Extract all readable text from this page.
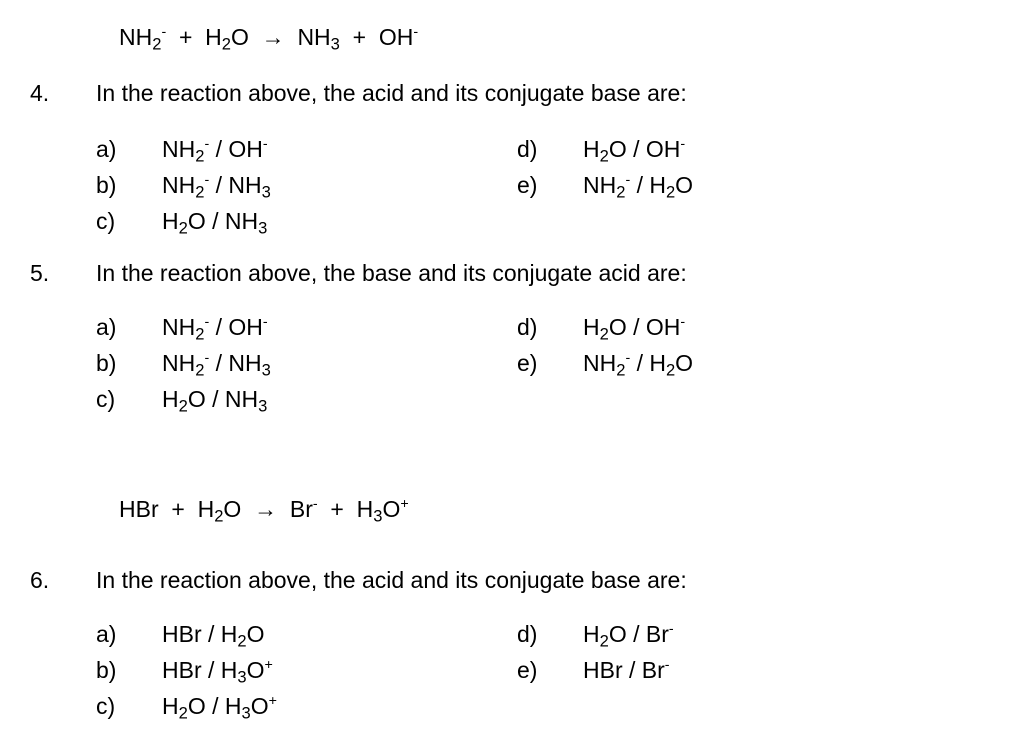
$NH_2^- + H_2O \to NH_3 + OH^-$
4. In the reaction above, the acid and its conjugate base are:
a) $NH_2^- / OH^-$
b) $NH_2^- / NH_3$
c) $H_2O / NH_3$
d) $H_2O / OH^-$
e) $NH_2^- / H_2O$
5. In the reaction above, the base and its conjugate acid are:
a) $NH_2^- / OH^-$
b) $NH_2^- / NH_3$
c) $H_2O / NH_3$
d) $H_2O / OH^-$
e) $NH_2^- / H_2O$
HBr  +  $H_2O \to Br^- + H_3O^+$
6. In the reaction above, the acid and its conjugate base are:
a) HBr / $H_2O$
b) HBr / $H_3O^+$
c) $H_2O / H_3O^+$
d) $H_2O / Br^-$
e) HBr / Br-
